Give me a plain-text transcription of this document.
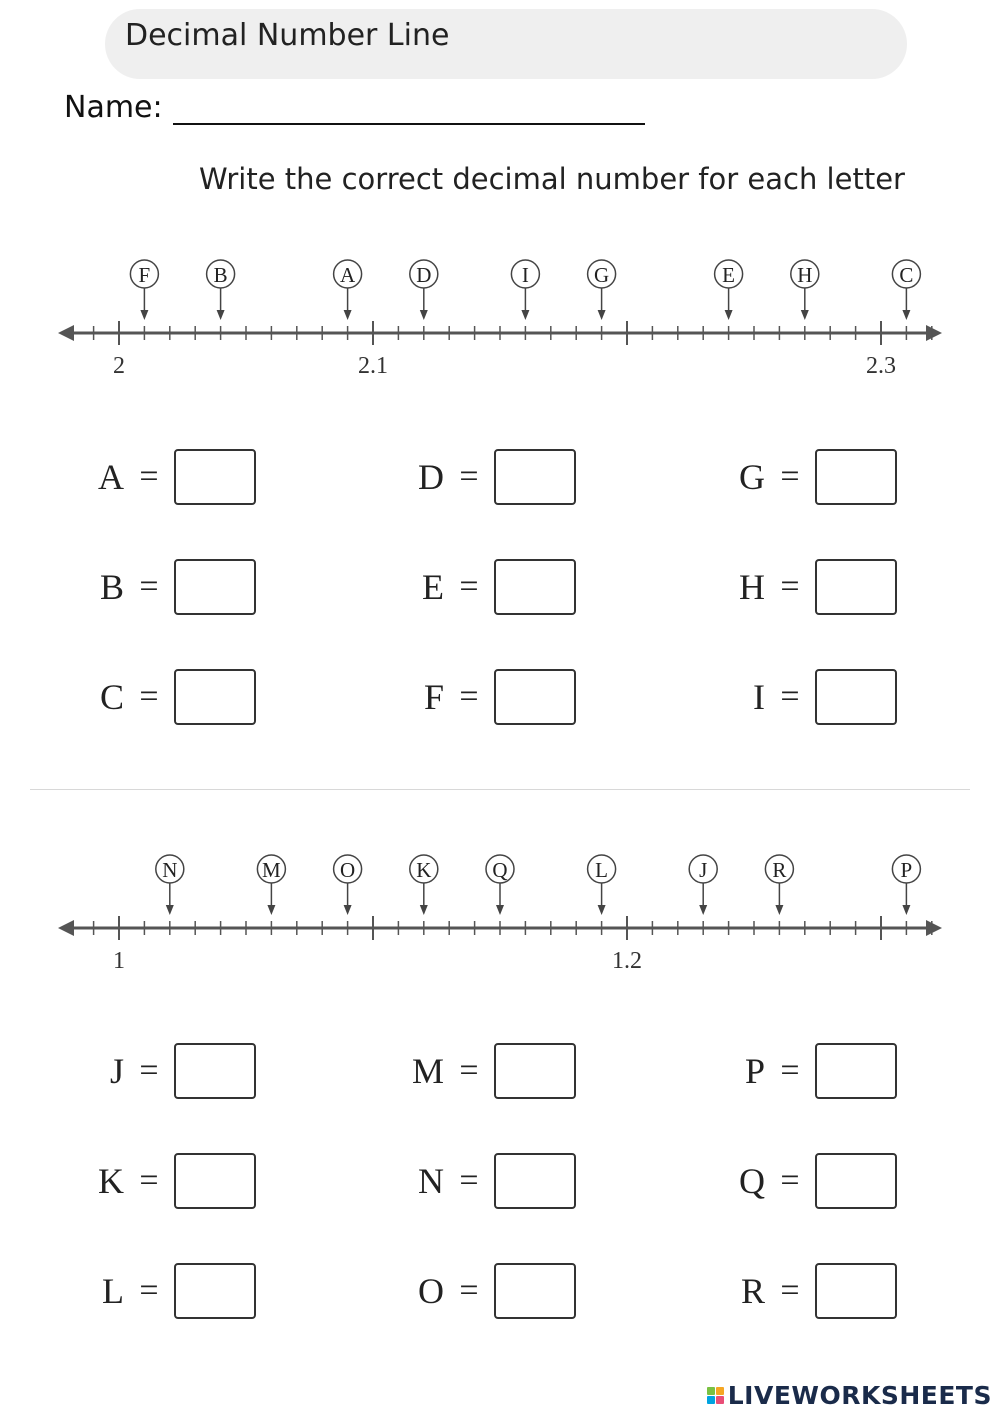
Decimal Number Line
Name:
Write the correct decimal number for each letter
2	2.1	2.3
F	B	A	D	I	G	E	H	C
A =	D =	G =
B =	E =	H =
C =	F =	I =
1	1.2
N	M	O	K	Q	L	J	R	P
J =	M =	P =
K =	N =	Q =
L =	O =	R =
LIVEWORKSHEETS
